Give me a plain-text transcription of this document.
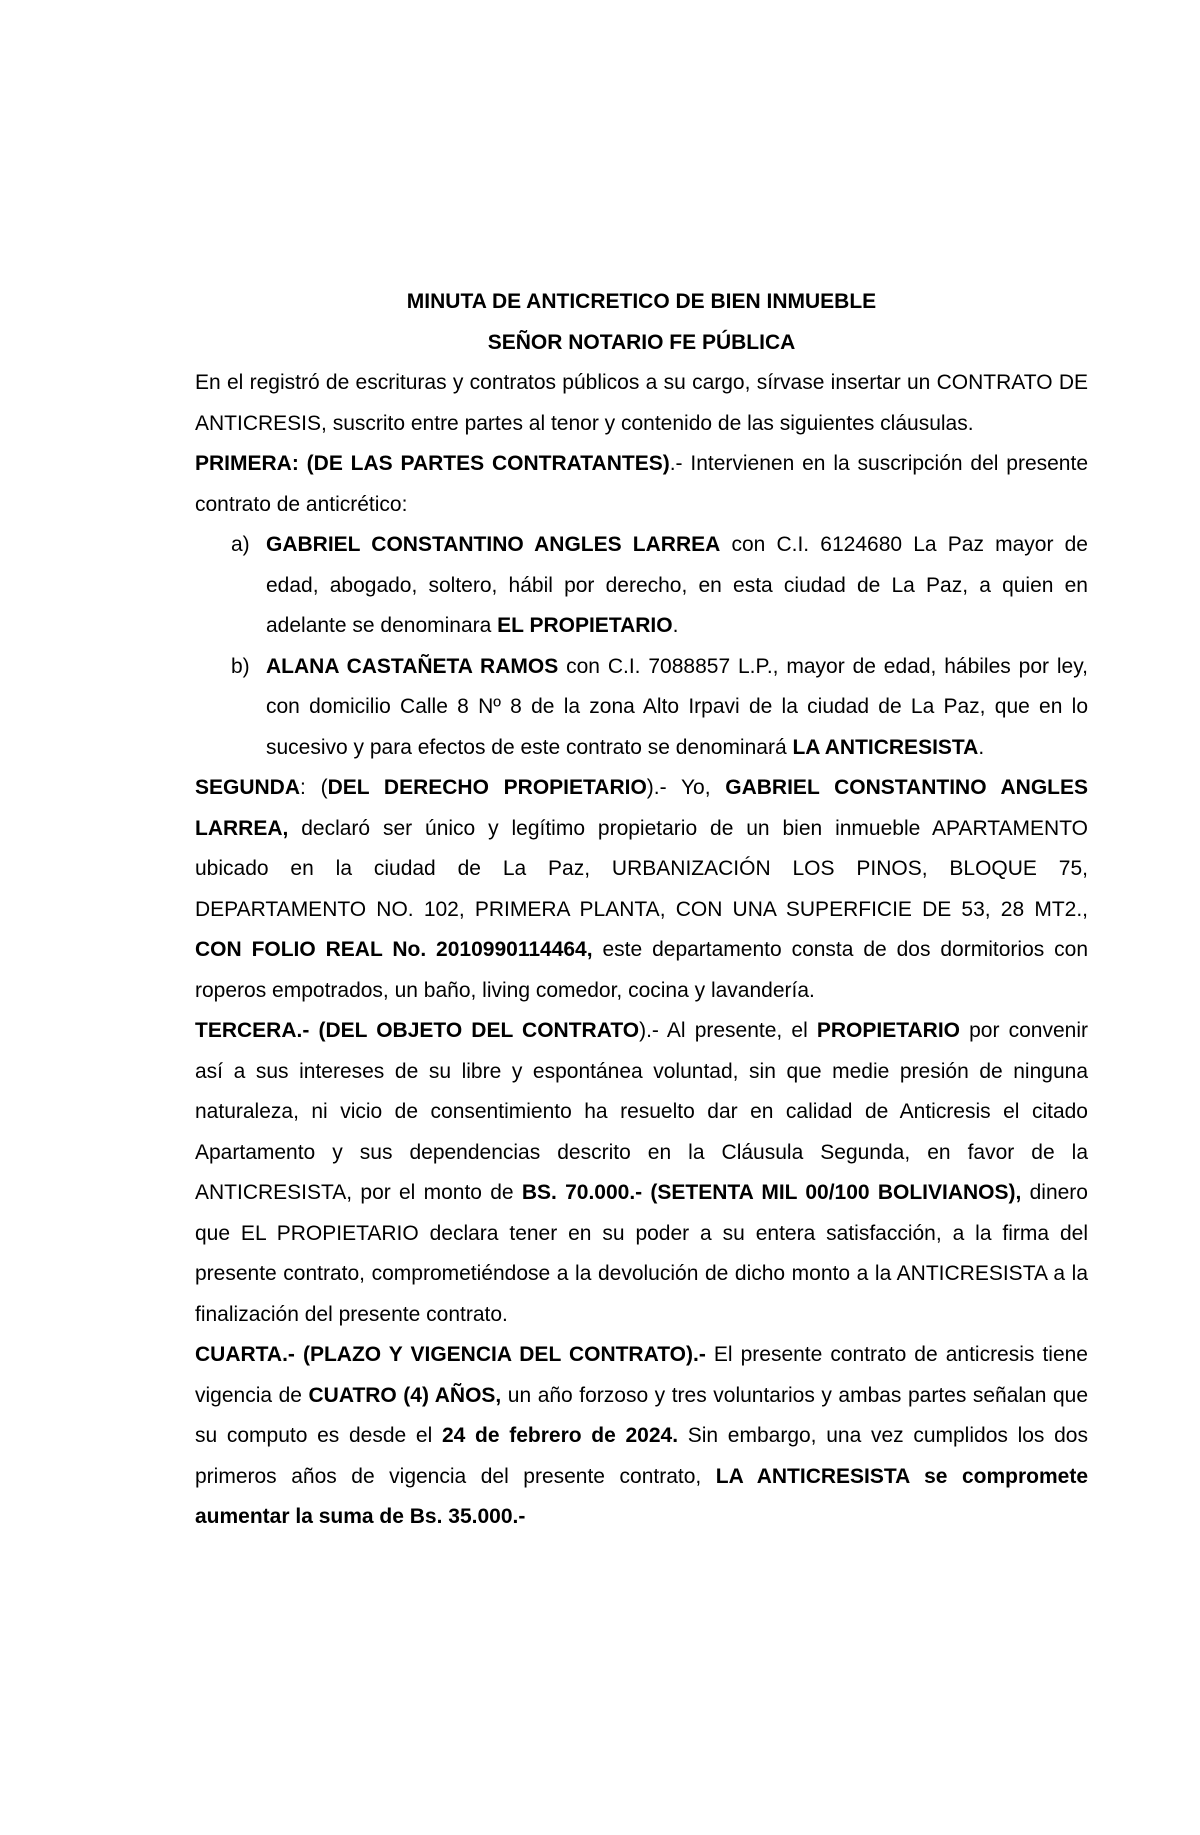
MINUTA DE ANTICRETICO DE BIEN INMUEBLE

SEÑOR NOTARIO FE PÚBLICA

En el registró de escrituras y contratos públicos a su cargo, sírvase insertar un CONTRATO DE ANTICRESIS, suscrito entre partes al tenor y contenido de las siguientes cláusulas.

PRIMERA: (DE LAS PARTES CONTRATANTES).- Intervienen en la suscripción del presente contrato de anticrético:

a) GABRIEL CONSTANTINO ANGLES LARREA con C.I. 6124680 La Paz mayor de edad, abogado, soltero, hábil por derecho, en esta ciudad de La Paz, a quien en adelante se denominara EL PROPIETARIO.

b) ALANA CASTAÑETA RAMOS con C.I. 7088857 L.P., mayor de edad, hábiles por ley, con domicilio Calle 8 Nº 8 de la zona Alto Irpavi de la ciudad de La Paz, que en lo sucesivo y para efectos de este contrato se denominará LA ANTICRESISTA.

SEGUNDA: (DEL DERECHO PROPIETARIO).- Yo, GABRIEL CONSTANTINO ANGLES LARREA, declaró ser único y legítimo propietario de un bien inmueble APARTAMENTO ubicado en la ciudad de La Paz, URBANIZACIÓN LOS PINOS, BLOQUE 75, DEPARTAMENTO NO. 102, PRIMERA PLANTA, CON UNA SUPERFICIE DE 53, 28 MT2., CON FOLIO REAL No. 2010990114464, este departamento consta de dos dormitorios con roperos empotrados, un baño, living comedor, cocina y lavandería.

TERCERA.- (DEL OBJETO DEL CONTRATO).- Al presente, el PROPIETARIO por convenir así a sus intereses de su libre y espontánea voluntad, sin que medie presión de ninguna naturaleza, ni vicio de consentimiento ha resuelto dar en calidad de Anticresis el citado Apartamento y sus dependencias descrito en la Cláusula Segunda, en favor de la ANTICRESISTA, por el monto de BS. 70.000.- (SETENTA MIL 00/100 BOLIVIANOS), dinero que EL PROPIETARIO declara tener en su poder a su entera satisfacción, a la firma del presente contrato, comprometiéndose a la devolución de dicho monto a la ANTICRESISTA a la finalización del presente contrato.

CUARTA.- (PLAZO Y VIGENCIA DEL CONTRATO).- El presente contrato de anticresis tiene vigencia de CUATRO (4) AÑOS, un año forzoso y tres voluntarios y ambas partes señalan que su computo es desde el 24 de febrero de 2024. Sin embargo, una vez cumplidos los dos primeros años de vigencia del presente contrato, LA ANTICRESISTA se compromete aumentar la suma de Bs. 35.000.-
